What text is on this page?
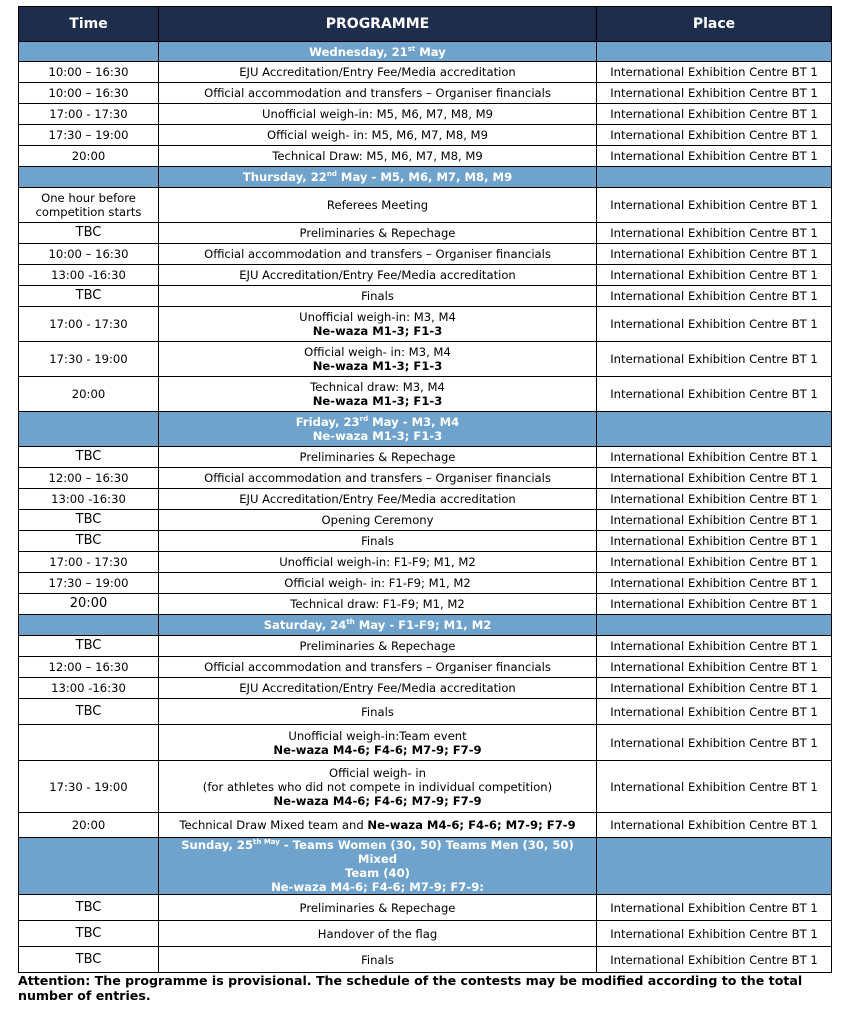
Time	PROGRAMME	Place
	Wednesday, 21st May	
10:00 – 16:30	EJU Accreditation/Entry Fee/Media accreditation	International Exhibition Centre BT 1
10:00 – 16:30	Official accommodation and transfers – Organiser financials	International Exhibition Centre BT 1
17:00 - 17:30	Unofficial weigh-in: M5, M6, M7, M8, M9	International Exhibition Centre BT 1
17:30 – 19:00	Official weigh- in: M5, M6, M7, M8, M9	International Exhibition Centre BT 1
20:00	Technical Draw: M5, M6, M7, M8, M9	International Exhibition Centre BT 1
	Thursday, 22nd May - M5, M6, M7, M8, M9	

One hour before
competition starts	Referees Meeting	International Exhibition Centre BT 1
TBC	Preliminaries & Repechage	International Exhibition Centre BT 1
10:00 – 16:30	Official accommodation and transfers – Organiser financials	International Exhibition Centre BT 1
13:00 -16:30	EJU Accreditation/Entry Fee/Media accreditation	International Exhibition Centre BT 1
TBC	Finals	International Exhibition Centre BT 1
17:00 - 17:30	Unofficial weigh-in: M3, M4
Ne-waza M1-3; F1-3	International Exhibition Centre BT 1
17:30 - 19:00	Official weigh- in: M3, M4
Ne-waza M1-3; F1-3	International Exhibition Centre BT 1
20:00	Technical draw: M3, M4
Ne-waza M1-3; F1-3	International Exhibition Centre BT 1

	Friday, 23rd May - M3, M4
Ne-waza M1-3; F1-3	

TBC	Preliminaries & Repechage	International Exhibition Centre BT 1
12:00 – 16:30	Official accommodation and transfers – Organiser financials	International Exhibition Centre BT 1
13:00 -16:30	EJU Accreditation/Entry Fee/Media accreditation	International Exhibition Centre BT 1
TBC	Opening Ceremony	International Exhibition Centre BT 1
TBC	Finals	International Exhibition Centre BT 1
17:00 - 17:30	Unofficial weigh-in: F1-F9; M1, M2	International Exhibition Centre BT 1
17:30 – 19:00	Official weigh- in: F1-F9; M1, M2	International Exhibition Centre BT 1
20:00	Technical draw: F1-F9; M1, M2	International Exhibition Centre BT 1
	Saturday, 24th May - F1-F9; M1, M2	
TBC	Preliminaries & Repechage	International Exhibition Centre BT 1
12:00 – 16:30	Official accommodation and transfers – Organiser financials	International Exhibition Centre BT 1
13:00 -16:30	EJU Accreditation/Entry Fee/Media accreditation	International Exhibition Centre BT 1
TBC	Finals	International Exhibition Centre BT 1

	Unofficial weigh-in:Team event
Ne-waza M4-6; F4-6; M7-9; F7-9	International Exhibition Centre BT 1
17:30 - 19:00	Official weigh- in
(for athletes who did not compete in individual competition)
Ne-waza M4-6; F4-6; M7-9; F7-9	International Exhibition Centre BT 1
20:00	Technical Draw Mixed team and Ne-waza M4-6; F4-6; M7-9; F7-9	International Exhibition Centre BT 1

	Sunday, $25^{th May}$ - Teams Women (30, 50) Teams Men (30, 50) Mixed
Team (40)
Ne-waza M4-6; F4-6; M7-9; F7-9:	

TBC	Preliminaries & Repechage	International Exhibition Centre BT 1
TBC	Handover of the flag	International Exhibition Centre BT 1
TBC	Finals	International Exhibition Centre BT 1
Attention: The programme is provisional. The schedule of the contests may be modified according to the total number of entries.
